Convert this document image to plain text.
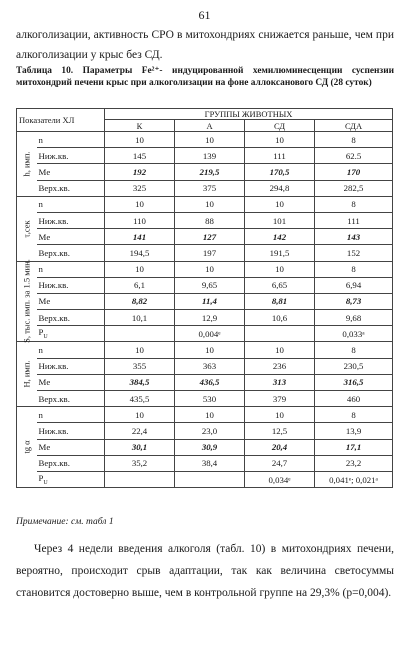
61
алкоголизации, активность СРО в митохондриях снижается раньше, чем при алкоголизации у крыс без СД.
Таблица 10. Параметры Fe²⁺- индуцированной хемилюминесценции суспензии митохондрий печени крыс при алкоголизации на фоне аллоксанового СД (28 суток)
Показатели ХЛ		ГРУППЫ ЖИВОТНЫХ			
		К	А	СД	СДА

h, имп.	n	10	10	10	8
	Ниж.кв.	145	139	111	62.5
	Me	192	219,5	170,5	170
	Верх.кв.	325	375	294,8	282,5

τ,сек	n	10	10	10	8
	Ниж.кв.	110	88	101	111
	Me	141	127	142	143
	Верх.кв.	194,5	197	191,5	152

S, тыс. имп. за 1.5 мин.	n	10	10	10	8
	Ниж.кв.	6,1	9,65	6,65	6,94
	Me	8,82	11,4	8,81	8,73
	Верх.кв.	10,1	12,9	10,6	9,68
	$P_U$		0,004ᵉ		0,033ᵃ

H, имп.	n	10	10	10	8
	Ниж.кв.	355	363	236	230,5
	Me	384,5	436,5	313	316,5
	Верх.кв.	435,5	530	379	460

tg α	n	10	10	10	8
	Ниж.кв.	22,4	23,0	12,5	13,9
	Me	30,1	30,9	20,4	17,1
	Верх.кв.	35,2	38,4	24,7	23,2
	$P_U$			0,034ᵉ	0,041ᵉ; 0,021ᵃ
Примечание: см. табл 1
Через 4 недели введения алкоголя (табл. 10) в митохондриях печени, вероятно, происходит срыв адаптации, так как величина светосуммы становится достоверно выше, чем в контрольной группе на 29,3% (р=0,004).
